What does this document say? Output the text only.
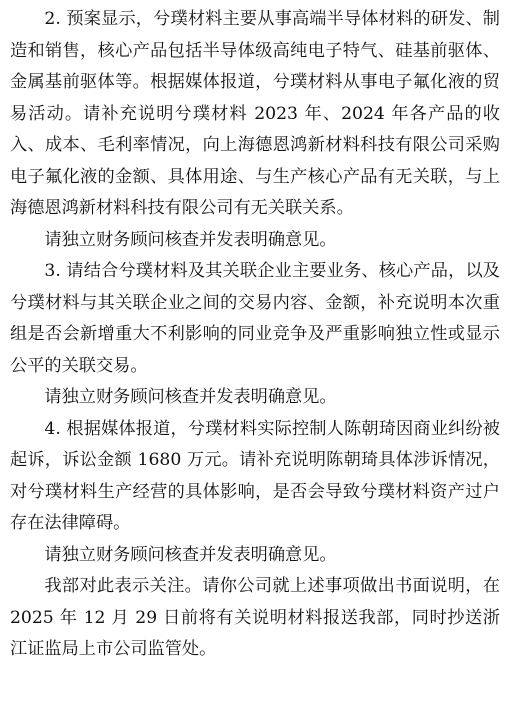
2. 预案显示，兮璞材料主要从事高端半导体材料的研发、制造和销售，核心产品包括半导体级高纯电子特气、硅基前驱体、金属基前驱体等。根据媒体报道，兮璞材料从事电子氟化液的贸易活动。请补充说明兮璞材料 2023 年、2024 年各产品的收入、成本、毛利率情况，向上海德恩鸿新材料科技有限公司采购电子氟化液的金额、具体用途、与生产核心产品有无关联，与上海德恩鸿新材料科技有限公司有无关联关系。

请独立财务顾问核查并发表明确意见。

3. 请结合兮璞材料及其关联企业主要业务、核心产品，以及兮璞材料与其关联企业之间的交易内容、金额，补充说明本次重组是否会新增重大不利影响的同业竞争及严重影响独立性或显示公平的关联交易。

请独立财务顾问核查并发表明确意见。

4. 根据媒体报道，兮璞材料实际控制人陈朝琦因商业纠纷被起诉，诉讼金额 1680 万元。请补充说明陈朝琦具体涉诉情况，对兮璞材料生产经营的具体影响，是否会导致兮璞材料资产过户存在法律障碍。

请独立财务顾问核查并发表明确意见。

我部对此表示关注。请你公司就上述事项做出书面说明，在 2025 年 12 月 29 日前将有关说明材料报送我部，同时抄送浙江证监局上市公司监管处。
